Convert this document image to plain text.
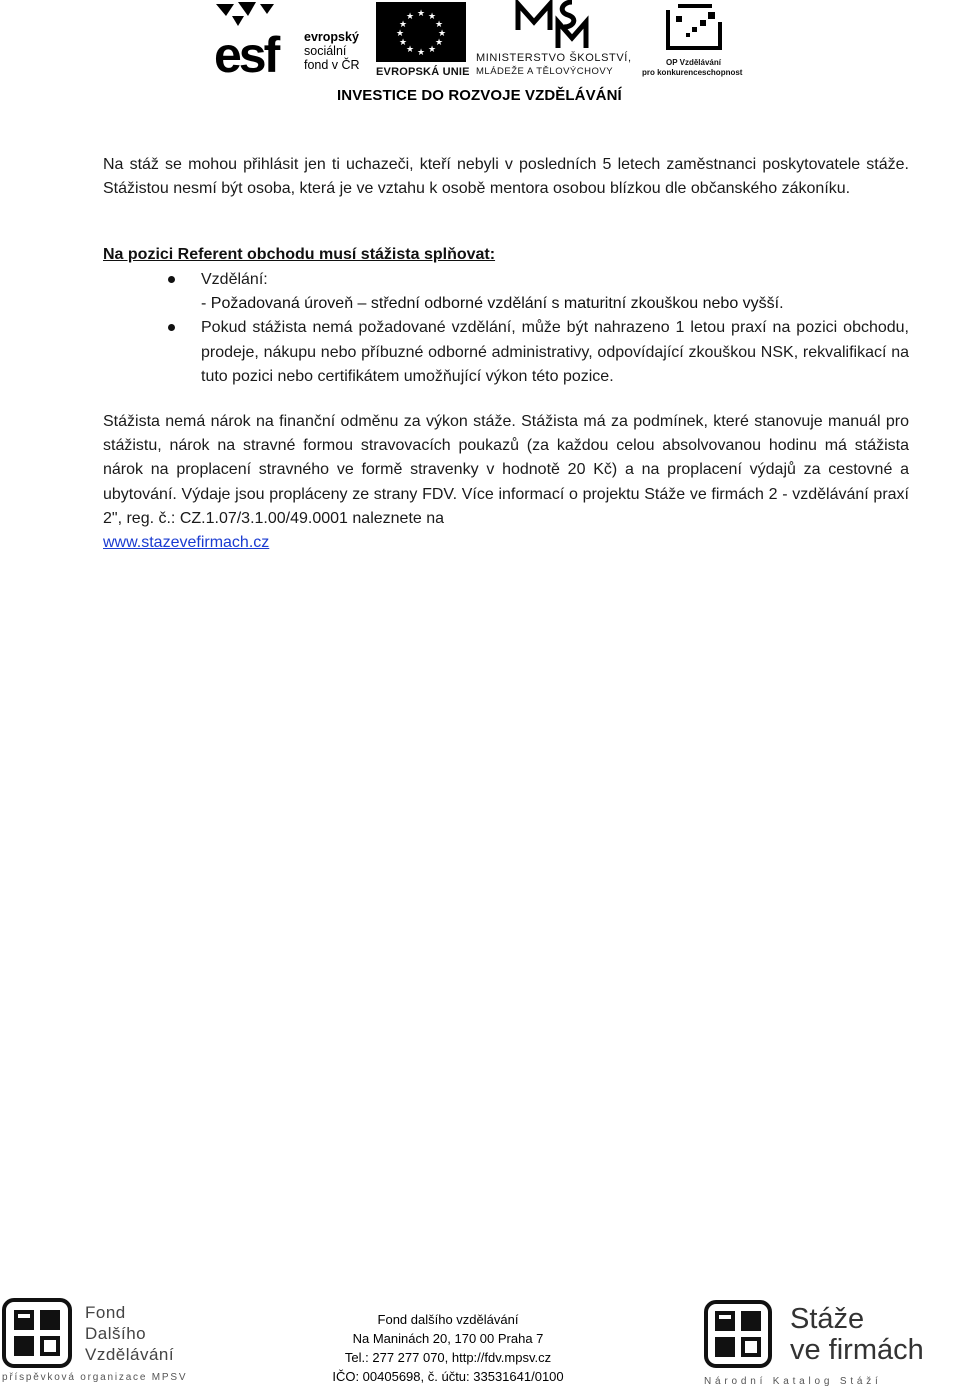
esf evropský
sociální
fond v ČR
★ ★
★
★
★
★
★
★
★
★
★
★
EVROPSKÁ UNIE
MINISTERSTVO ŠKOLSTVÍ,
MLÁDEŽE A TĚLOVÝCHOVY
OP Vzdělávání
pro konkurenceschopnost
INVESTICE DO ROZVOJE VZDĚLÁVÁNÍ
Na stáž se mohou přihlásit jen ti uchazeči, kteří nebyli v posledních 5 letech zaměstnanci poskytovatele stáže. Stážistou nesmí být osoba, která je ve vztahu k osobě mentora osobou blízkou dle občanského zákoníku.
Na pozici Referent obchodu musí stážista splňovat:
Vzdělání:
- Požadovaná úroveň – střední odborné vzdělání s maturitní zkouškou nebo vyšší.
Pokud stážista nemá požadované vzdělání, může být nahrazeno 1 letou praxí na pozici obchodu, prodeje, nákupu nebo příbuzné odborné administrativy, odpovídající zkouškou NSK, rekvalifikací na tuto pozici nebo certifikátem umožňující výkon této pozice.
Stážista nemá nárok na finanční odměnu za výkon stáže. Stážista má za podmínek, které stanovuje manuál pro stážistu, nárok na stravné formou stravovacích poukazů (za každou celou absolvovanou hodinu má stážista nárok na proplacení stravného ve formě stravenky v hodnotě 20 Kč) a na proplacení výdajů za cestovné a ubytování. Výdaje jsou propláceny ze strany FDV. Více informací o projektu Stáže ve firmách 2 - vzdělávání praxí 2", reg. č.: CZ.1.07/3.1.00/49.0001 naleznete na
www.stazevefirmach.cz
Fond
Dalšího
Vzdělávání
příspěvková organizace MPSV
Fond dalšího vzdělávání
Na Maninách 20, 170 00 Praha 7
Tel.: 277 277 070, http://fdv.mpsv.cz
IČO: 00405698, č. účtu: 33531641/0100
Stáže
ve firmách
Národní Katalog Stáží
